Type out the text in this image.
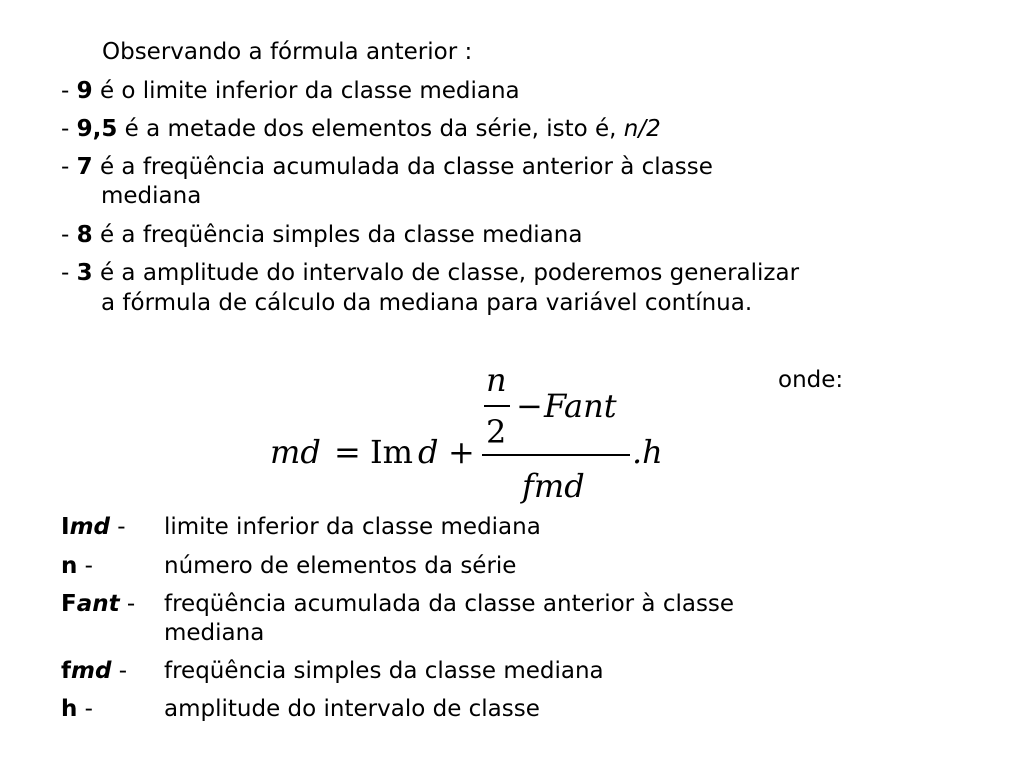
Observando a fórmula anterior :
- 9 é o limite inferior da classe mediana
- 9,5 é a metade dos elementos da série, isto é, n/2
- 7 é a freqüência acumulada da classe anterior à classe
mediana
- 8 é a freqüência simples da classe mediana
- 3 é a amplitude do intervalo de classe, poderemos generalizar
a fórmula de cálculo da mediana para variável contínua.
onde:
md = Im d +
n
2
− Fant
fmd
.h
Imd - limite inferior da classe mediana
n -	número de elementos da série
Fant - freqüência acumulada da classe anterior à classe
mediana
fmd - freqüência simples da classe mediana
h -	amplitude do intervalo de classe
